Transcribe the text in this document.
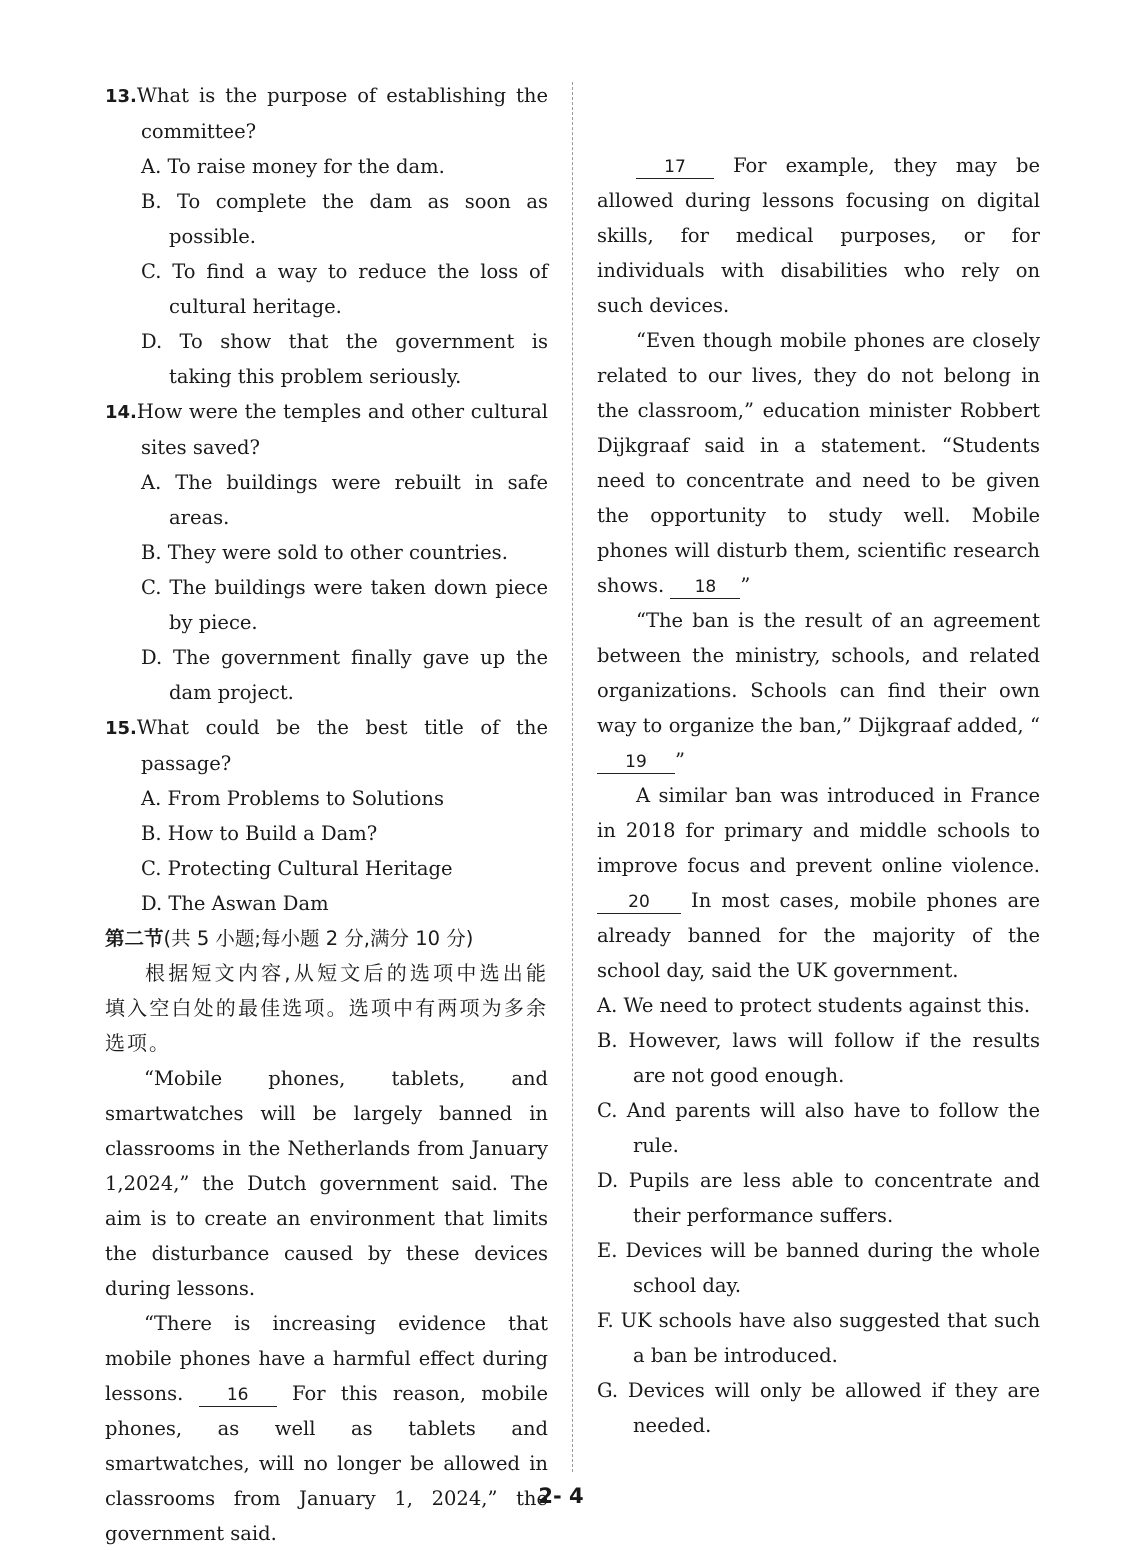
13.What is the purpose of establishing the committee?

A. To raise money for the dam.

B. To complete the dam as soon as possible.

C. To find a way to reduce the loss of cultural heritage.

D. To show that the government is taking this problem seriously.

14.How were the temples and other cultural sites saved?

A. The buildings were rebuilt in safe areas.

B. They were sold to other countries.

C. The buildings were taken down piece by piece.

D. The government finally gave up the dam project.

15.What could be the best title of the passage?

A. From Problems to Solutions

B. How to Build a Dam?

C. Protecting Cultural Heritage

D. The Aswan Dam

第二节(共 5 小题;每小题 2 分,满分 10 分)

根据短文内容,从短文后的选项中选出能填入空白处的最佳选项。选项中有两项为多余选项。

“Mobile phones, tablets, and smartwatches will be largely banned in classrooms in the Netherlands from January 1,2024,” the Dutch government said. The aim is to create an environment that limits the disturbance caused by these devices during lessons.

“There is increasing evidence that mobile phones have a harmful effect during lessons.	16 For this reason, mobile phones, as well as tablets and smartwatches, will no longer be allowed in classrooms from January 1, 2024,” the government said.

17 For example, they may be allowed during lessons focusing on digital skills, for medical purposes, or for individuals with disabilities who rely on such devices.

“Even though mobile phones are closely related to our lives, they do not belong in the classroom,” education minister Robbert Dijkgraaf said in a statement. “Students need to concentrate and need to be given the opportunity to study well. Mobile phones will disturb them, scientific research shows. 18 ”

“The ban is the result of an agreement between the ministry, schools, and related organizations. Schools can find their own way to organize the ban,” Dijkgraaf added, “19 ”

A similar ban was introduced in France in 2018 for primary and middle schools to improve focus and prevent online violence. 20 In most cases, mobile phones are already banned for the majority of the school day, said the UK government.

A. We need to protect students against this.

B. However, laws will follow if the results are not good enough.

C. And parents will also have to follow the rule.

D. Pupils are less able to concentrate and their performance suffers.

E. Devices will be banned during the whole school day.

F. UK schools have also suggested that such a ban be introduced.

G. Devices will only be allowed if they are needed.

2- 4
